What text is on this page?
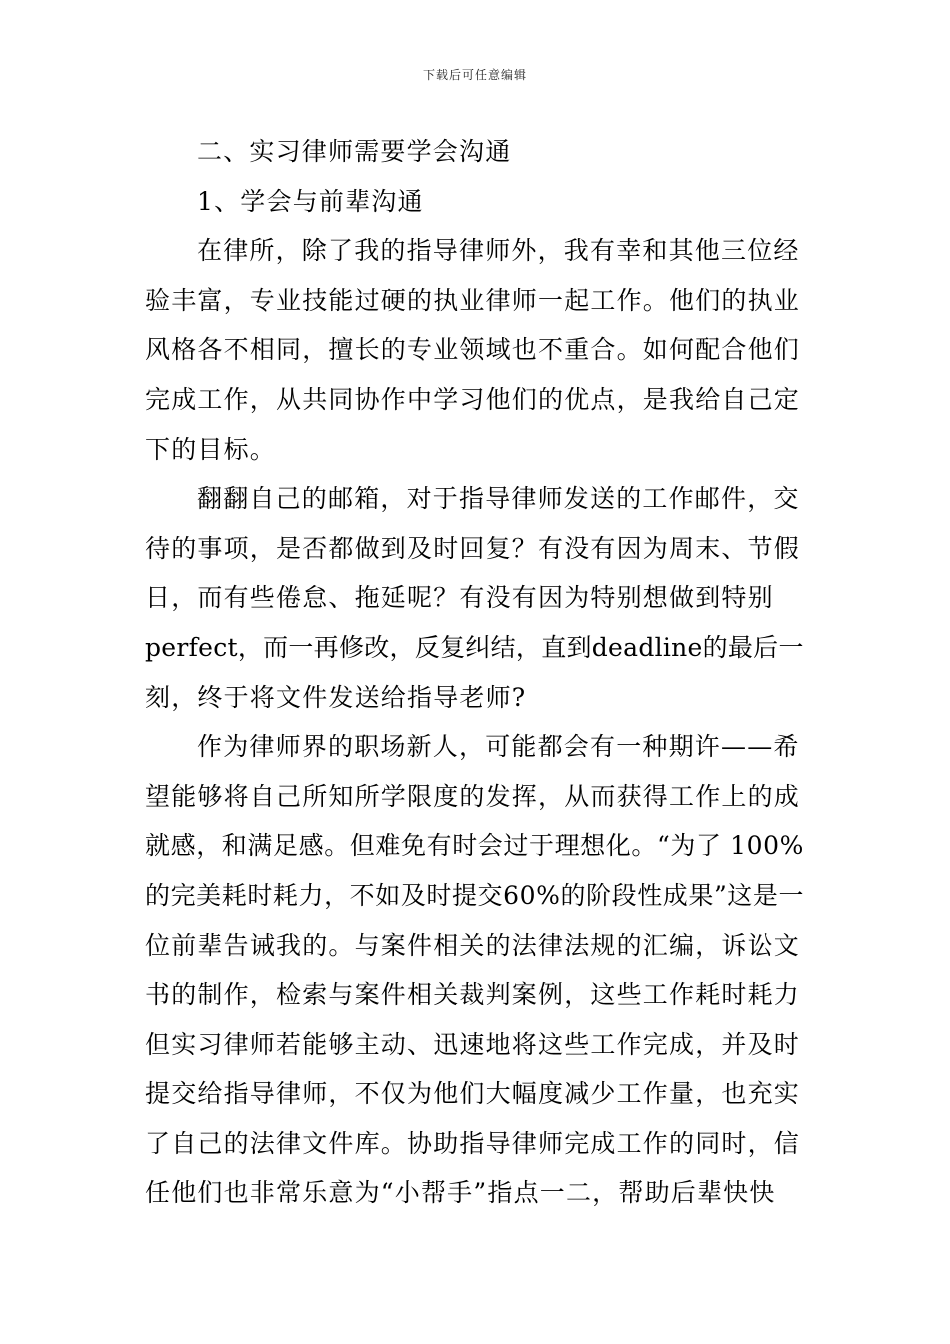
下载后可任意编辑
二、实习律师需要学会沟通
1、学会与前辈沟通
在律所，除了我的指导律师外，我有幸和其他三位经
验丰富，专业技能过硬的执业律师一起工作。他们的执业
风格各不相同，擅长的专业领域也不重合。如何配合他们
完成工作，从共同协作中学习他们的优点，是我给自己定
下的目标。
翻翻自己的邮箱，对于指导律师发送的工作邮件，交
待的事项，是否都做到及时回复？有没有因为周末、节假
日，而有些倦怠、拖延呢？有没有因为特别想做到特别
perfect，而一再修改，反复纠结，直到deadline的最后一
刻，终于将文件发送给指导老师?
作为律师界的职场新人，可能都会有一种期许——希
望能够将自己所知所学限度的发挥，从而获得工作上的成
就感，和满足感。但难免有时会过于理想化。“为了 100%
的完美耗时耗力，不如及时提交60%的阶段性成果”这是一
位前辈告诫我的。与案件相关的法律法规的汇编，诉讼文
书的制作，检索与案件相关裁判案例，这些工作耗时耗力
但实习律师若能够主动、迅速地将这些工作完成，并及时
提交给指导律师，不仅为他们大幅度减少工作量，也充实
了自己的法律文件库。协助指导律师完成工作的同时，信
任他们也非常乐意为“小帮手”指点一二，帮助后辈快快
